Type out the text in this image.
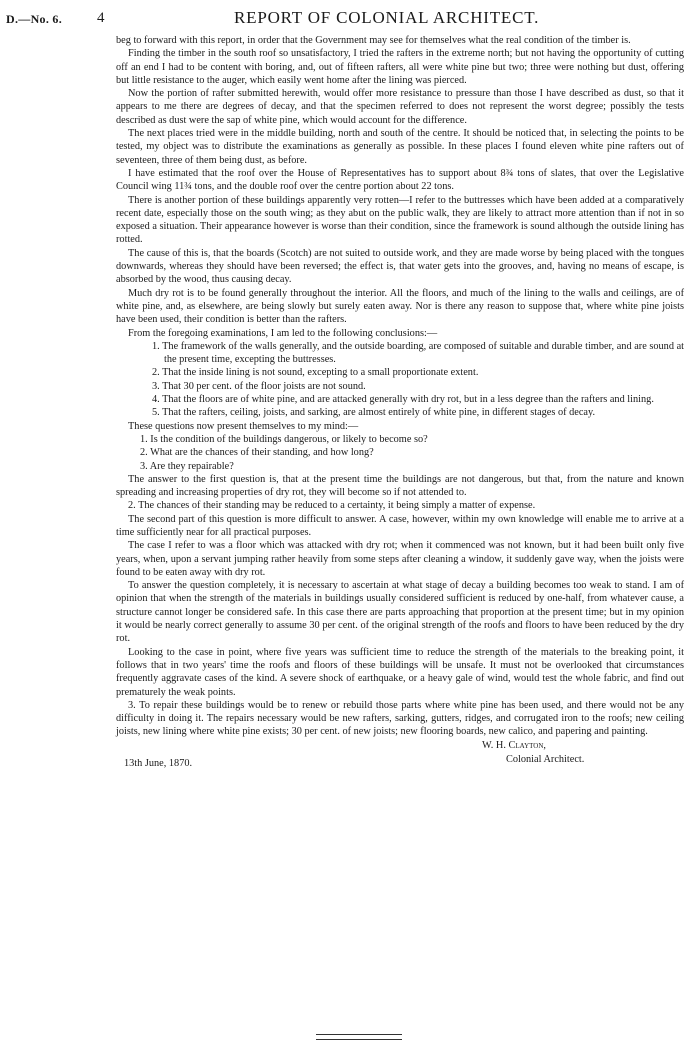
D.—No. 6. 4	REPORT OF COLONIAL ARCHITECT.

beg to forward with this report, in order that the Government may see for themselves what the real condition of the timber is.

Finding the timber in the south roof so unsatisfactory, I tried the rafters in the extreme north; but not having the opportunity of cutting off an end I had to be content with boring, and, out of fifteen rafters, all were white pine but two; three were nothing but dust, offering but little resistance to the auger, which easily went home after the lining was pierced.

Now the portion of rafter submitted herewith, would offer more resistance to pressure than those I have described as dust, so that it appears to me there are degrees of decay, and that the specimen referred to does not represent the worst degree; possibly the tests described as dust were the sap of white pine, which would account for the difference.

The next places tried were in the middle building, north and south of the centre. It should be noticed that, in selecting the points to be tested, my object was to distribute the examinations as generally as possible. In these places I found eleven white pine rafters out of seventeen, three of them being dust, as before.

I have estimated that the roof over the House of Representatives has to support about 8¾ tons of slates, that over the Legislative Council wing 11¾ tons, and the double roof over the centre portion about 22 tons.

There is another portion of these buildings apparently very rotten—I refer to the buttresses which have been added at a comparatively recent date, especially those on the south wing; as they abut on the public walk, they are likely to attract more attention than if not in so exposed a situation. Their appearance however is worse than their condition, since the framework is sound although the outside lining has rotted.

The cause of this is, that the boards (Scotch) are not suited to outside work, and they are made worse by being placed with the tongues downwards, whereas they should have been reversed; the effect is, that water gets into the grooves, and, having no means of escape, is absorbed by the wood, thus causing decay.

Much dry rot is to be found generally throughout the interior. All the floors, and much of the lining to the walls and ceilings, are of white pine, and, as elsewhere, are being slowly but surely eaten away. Nor is there any reason to suppose that, where white pine joists have been used, their condition is better than the rafters.

From the foregoing examinations, I am led to the following conclusions:—

1. The framework of the walls generally, and the outside boarding, are composed of suitable and durable timber, and are sound at the present time, excepting the buttresses.

2. That the inside lining is not sound, excepting to a small proportionate extent.

3. That 30 per cent. of the floor joists are not sound.

4. That the floors are of white pine, and are attacked generally with dry rot, but in a less degree than the rafters and lining.

5. That the rafters, ceiling, joists, and sarking, are almost entirely of white pine, in different stages of decay.

These questions now present themselves to my mind:—

1. Is the condition of the buildings dangerous, or likely to become so?

2. What are the chances of their standing, and how long?

3. Are they repairable?

The answer to the first question is, that at the present time the buildings are not dangerous, but that, from the nature and known spreading and increasing properties of dry rot, they will become so if not attended to.

2. The chances of their standing may be reduced to a certainty, it being simply a matter of expense.

The second part of this question is more difficult to answer. A case, however, within my own knowledge will enable me to arrive at a time sufficiently near for all practical purposes.

The case I refer to was a floor which was attacked with dry rot; when it commenced was not known, but it had been built only five years, when, upon a servant jumping rather heavily from some steps after cleaning a window, it suddenly gave way, when the joists were found to be eaten away with dry rot.

To answer the question completely, it is necessary to ascertain at what stage of decay a building becomes too weak to stand. I am of opinion that when the strength of the materials in buildings usually considered sufficient is reduced by one-half, from whatever cause, a structure cannot longer be considered safe. In this case there are parts approaching that proportion at the present time; but in my opinion it would be nearly correct generally to assume 30 per cent. of the original strength of the roofs and floors to have been reduced by the dry rot.

Looking to the case in point, where five years was sufficient time to reduce the strength of the materials to the breaking point, it follows that in two years' time the roofs and floors of these buildings will be unsafe. It must not be overlooked that circumstances frequently aggravate cases of the kind. A severe shock of earthquake, or a heavy gale of wind, would test the whole fabric, and find out prematurely the weak points.

3. To repair these buildings would be to renew or rebuild those parts where white pine has been used, and there would not be any difficulty in doing it. The repairs necessary would be new rafters, sarking, gutters, ridges, and corrugated iron to the roofs; new ceiling joists, new lining where white pine exists; 30 per cent. of new joists; new flooring boards, new calico, and papering and painting.

W. H. Clayton,
Colonial Architect.
13th June, 1870.
